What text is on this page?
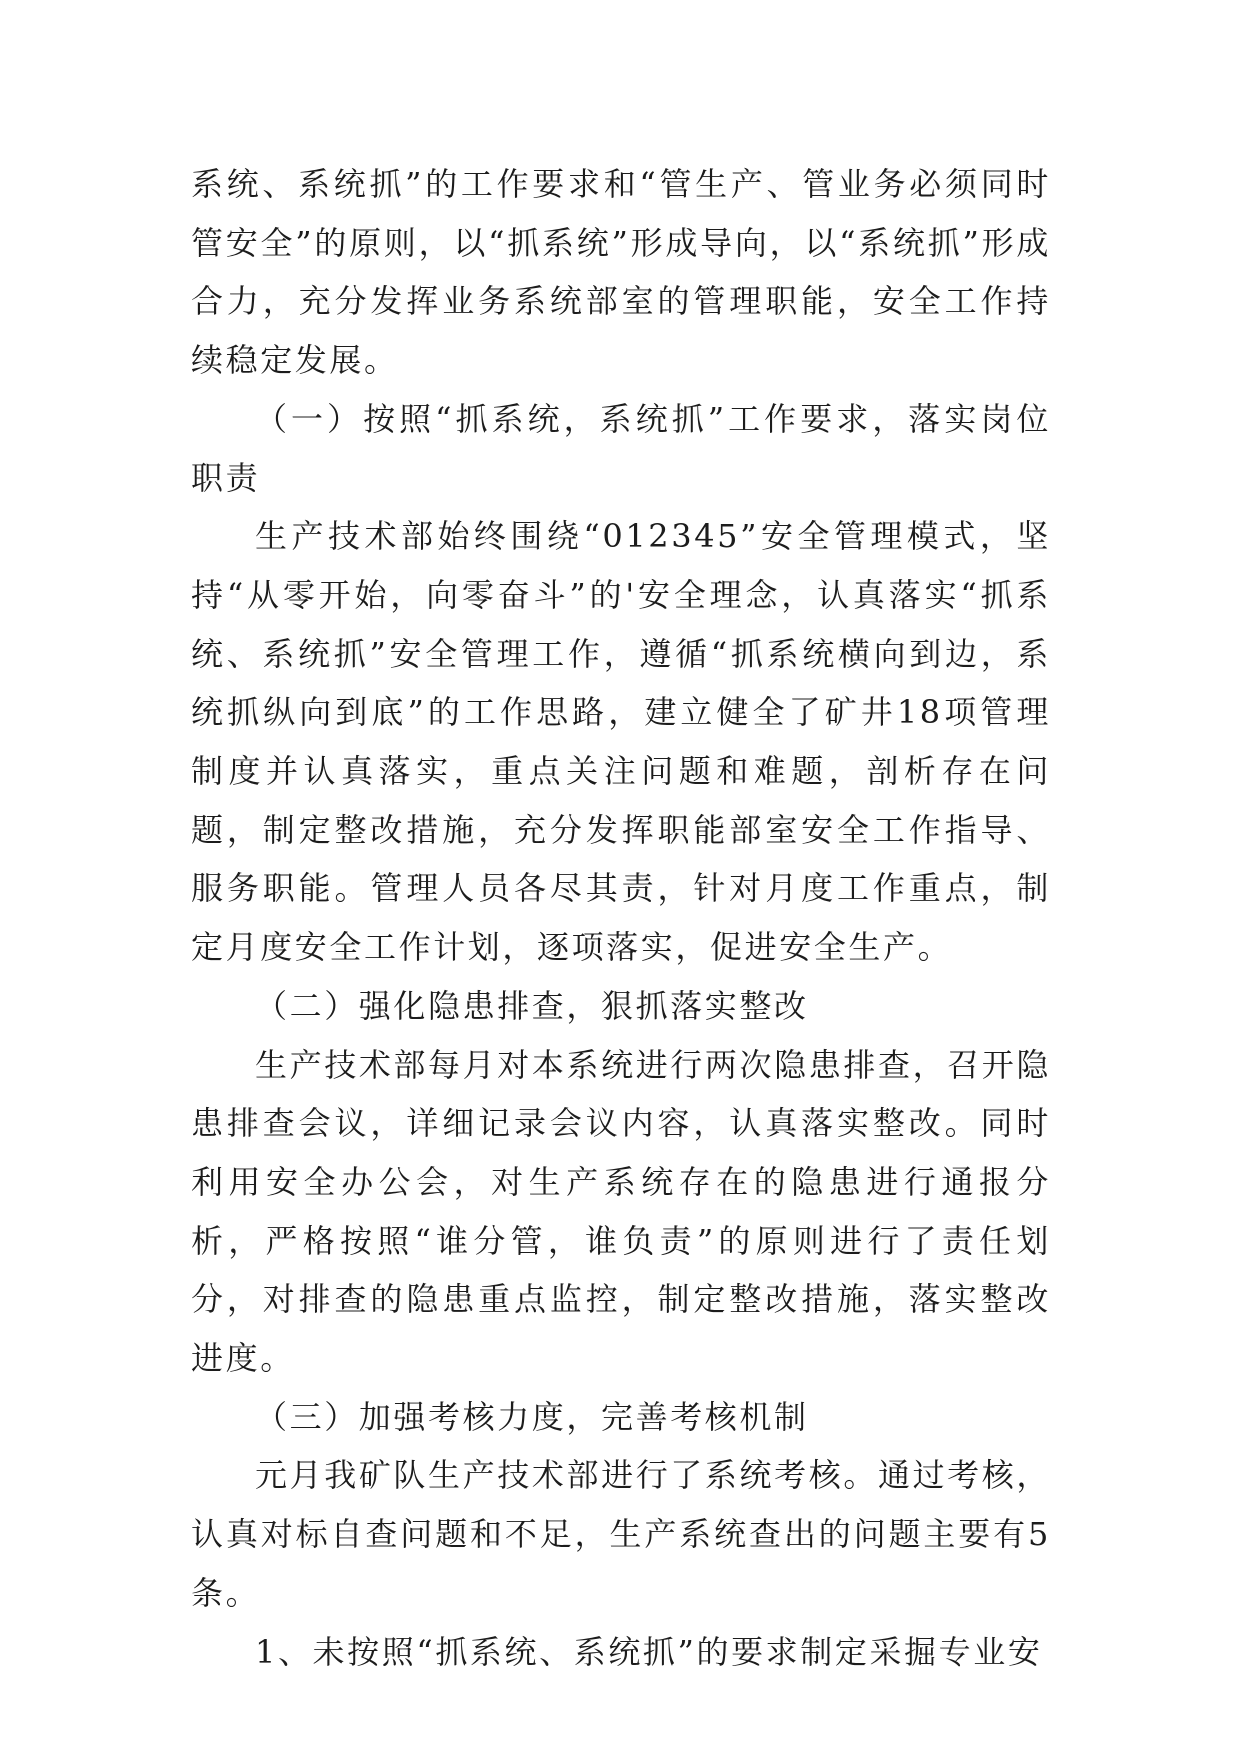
系统、系统抓”的工作要求和“管生产、管业务必须同时管安全”的原则，以“抓系统”形成导向，以“系统抓”形成合力，充分发挥业务系统部室的管理职能，安全工作持续稳定发展。

（一）按照“抓系统，系统抓”工作要求，落实岗位职责

生产技术部始终围绕“012345”安全管理模式，坚持“从零开始，向零奋斗”的'安全理念，认真落实“抓系统、系统抓”安全管理工作，遵循“抓系统横向到边，系统抓纵向到底”的工作思路，建立健全了矿井18项管理制度并认真落实，重点关注问题和难题，剖析存在问题，制定整改措施，充分发挥职能部室安全工作指导、服务职能。管理人员各尽其责，针对月度工作重点，制定月度安全工作计划，逐项落实，促进安全生产。

（二）强化隐患排查，狠抓落实整改

生产技术部每月对本系统进行两次隐患排查，召开隐患排查会议，详细记录会议内容，认真落实整改。同时利用安全办公会，对生产系统存在的隐患进行通报分析，严格按照“谁分管，谁负责”的原则进行了责任划分，对排查的隐患重点监控，制定整改措施，落实整改进度。

（三）加强考核力度，完善考核机制

元月我矿队生产技术部进行了系统考核。通过考核，认真对标自查问题和不足，生产系统查出的问题主要有5条。

1、未按照“抓系统、系统抓”的要求制定采掘专业安
